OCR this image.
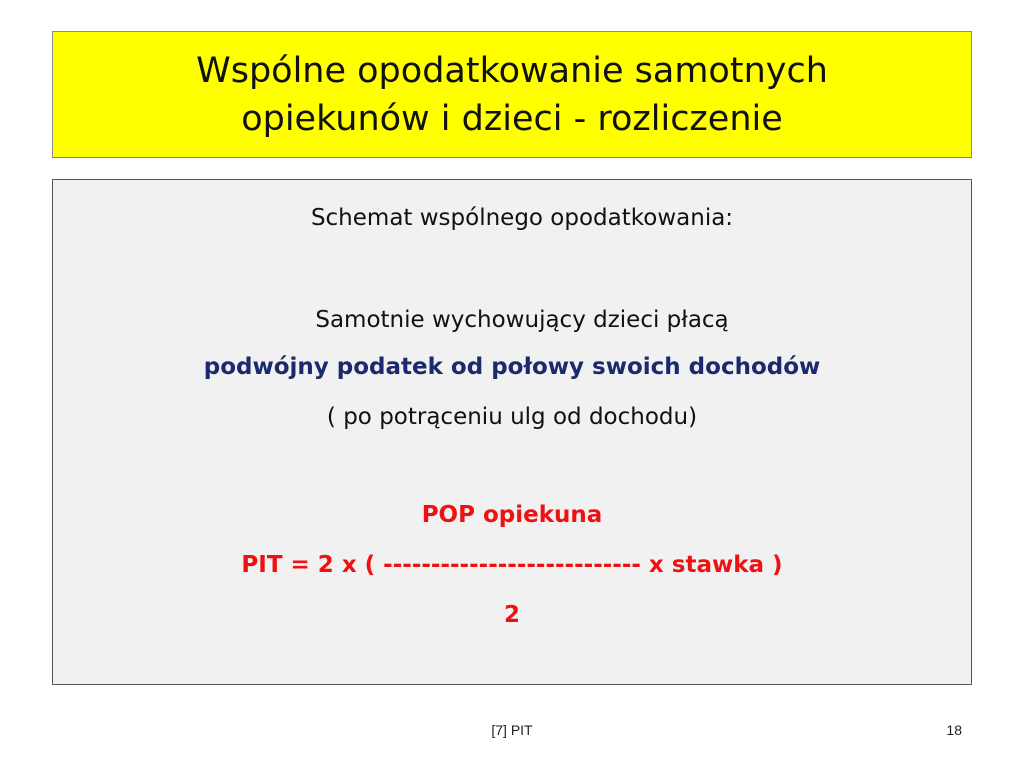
Wspólne opodatkowanie samotnych
opiekunów i dzieci - rozliczenie
Schemat wspólnego opodatkowania:
Samotnie wychowujący dzieci płacą
podwójny podatek od połowy swoich dochodów
( po potrąceniu ulg od dochodu)
POP opiekuna
PIT = 2 x ( --------------------------- x stawka )
2
[7] PIT	18
